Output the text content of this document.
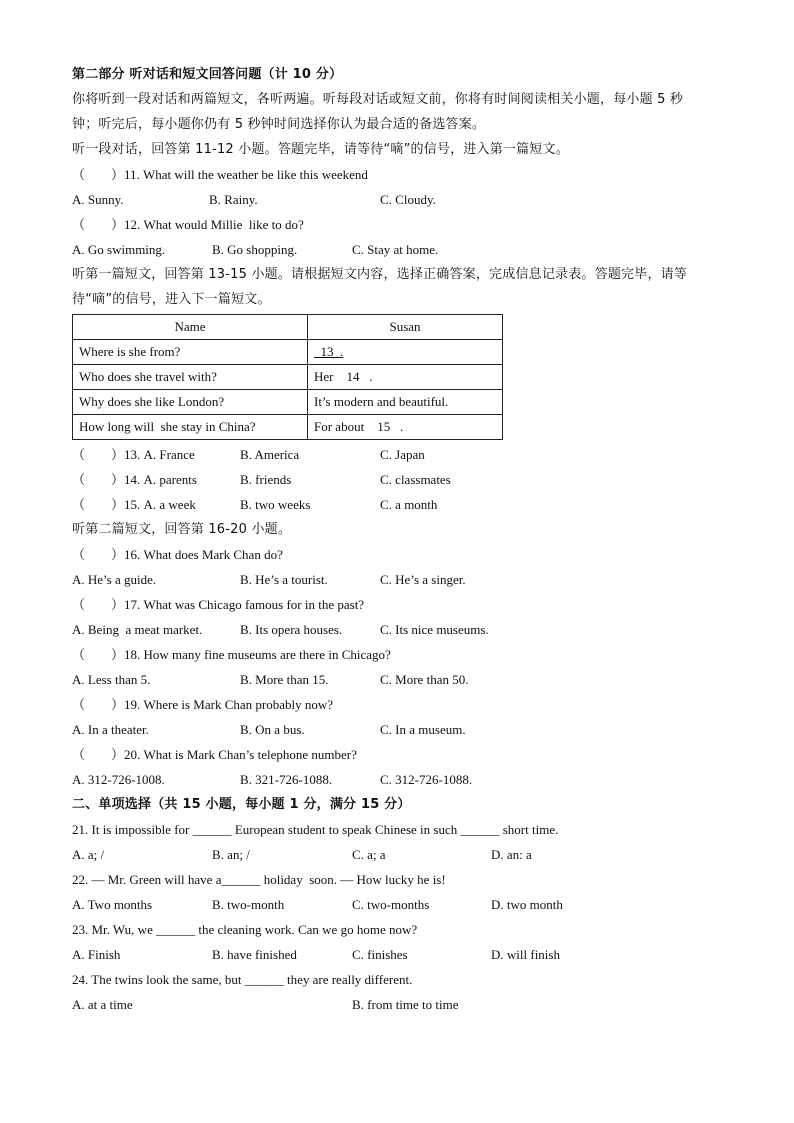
第二部分 听对话和短文回答问题（计 10 分）
你将听到一段对话和两篇短文，各听两遍。听每段对话或短文前，你将有时间阅读相关小题，每小题 5 秒
钟；听完后，每小题你仍有 5 秒钟时间选择你认为最合适的备选答案。
听一段对话，回答第 11-12 小题。答题完毕，请等待“嘀”的信号，进入第一篇短文。
（        ）11. What will the weather be like this weekend
A. Sunny.	B. Rainy.	C. Cloudy.
（        ）12. What would Millie  like to do?
A. Go swimming.	B. Go shopping.	C. Stay at home.
听第一篇短文，回答第 13-15 小题。请根据短文内容，选择正确答案，完成信息记录表。答题完毕，请等
待“嘀”的信号，进入下一篇短文。
Name	Susan
Where is she from?	13  .
Who does she travel with?	Her    14   .
Why does she like London?	It’s modern and beautiful.
How long will  she stay in China?	For about    15   .
（        ）13. A. France	B. America	C. Japan
（        ）14. A. parents	B. friends	C. classmates
（        ）15. A. a week	B. two weeks	C. a month
听第二篇短文，回答第 16-20 小题。
（        ）16. What does Mark Chan do?
A. He’s a guide.	B. He’s a tourist.	C. He’s a singer.
（        ）17. What was Chicago famous for in the past?
A. Being  a meat market.	B. Its opera houses.	C. Its nice museums.
（        ）18. How many fine museums are there in Chicago?
A. Less than 5.	B. More than 15.	C. More than 50.
（        ）19. Where is Mark Chan probably now?
A. In a theater.	B. On a bus.	C. In a museum.
（        ）20. What is Mark Chan’s telephone number?
A. 312-726-1008.	B. 321-726-1088.	C. 312-726-1088.
二、单项选择（共 15 小题，每小题 1 分，满分 15 分）
21. It is impossible for ______ European student to speak Chinese in such ______ short time.
A. a; /	B. an; /	C. a; a	D. an: a
22. — Mr. Green will have a______ holiday  soon. — How lucky he is!
A. Two months	B. two-month	C. two-months	D. two month
23. Mr. Wu, we ______ the cleaning work. Can we go home now?
A. Finish	B. have finished	C. finishes	D. will finish
24. The twins look the same, but ______ they are really different.
A. at a time	B. from time to time
